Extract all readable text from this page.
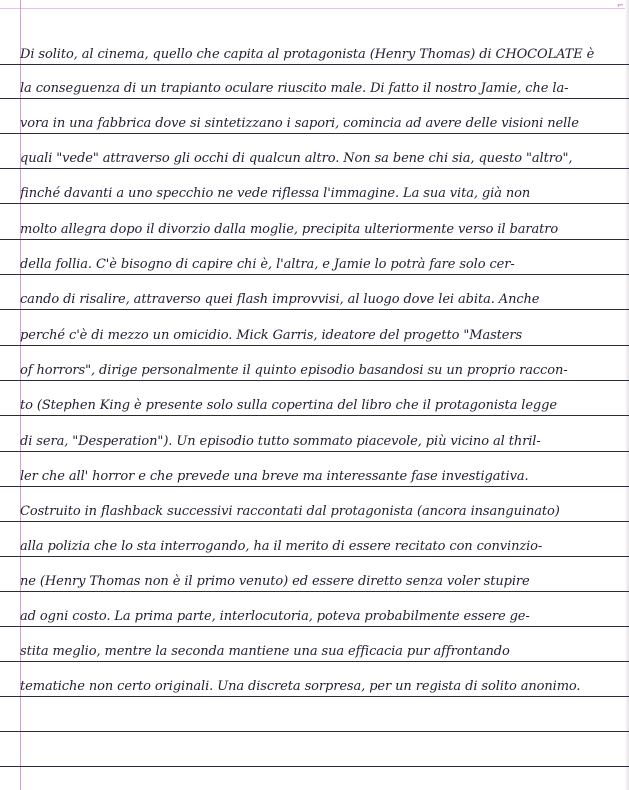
⌐
Di solito, al cinema, quello che capita al protagonista (Henry Thomas) di CHOCOLATE è
la conseguenza di un trapianto oculare riuscito male. Di fatto il nostro Jamie, che la-
vora in una fabbrica dove si sintetizzano i sapori, comincia ad avere delle visioni nelle
quali "vede" attraverso gli occhi di qualcun altro. Non sa bene chi sia, questo "altro",
finché davanti a uno specchio ne vede riflessa l'immagine. La sua vita, già non
molto allegra dopo il divorzio dalla moglie, precipita ulteriormente verso il baratro
della follia. C'è bisogno di capire chi è, l'altra, e Jamie lo potrà fare solo cer-
cando di risalire, attraverso quei flash improvvisi, al luogo dove lei abita. Anche
perché c'è di mezzo un omicidio. Mick Garris, ideatore del progetto "Masters
of horrors", dirige personalmente il quinto episodio basandosi su un proprio raccon-
to (Stephen King è presente solo sulla copertina del libro che il protagonista legge
di sera, "Desperation"). Un episodio tutto sommato piacevole, più vicino al thril-
ler che all' horror e che prevede una breve ma interessante fase investigativa.
Costruito in flashback successivi raccontati dal protagonista (ancora insanguinato)
alla polizia che lo sta interrogando, ha il merito di essere recitato con convinzio-
ne (Henry Thomas non è il primo venuto) ed essere diretto senza voler stupire
ad ogni costo. La prima parte, interlocutoria, poteva probabilmente essere ge-
stita meglio, mentre la seconda mantiene una sua efficacia pur affrontando
tematiche non certo originali. Una discreta sorpresa, per un regista di solito anonimo.
